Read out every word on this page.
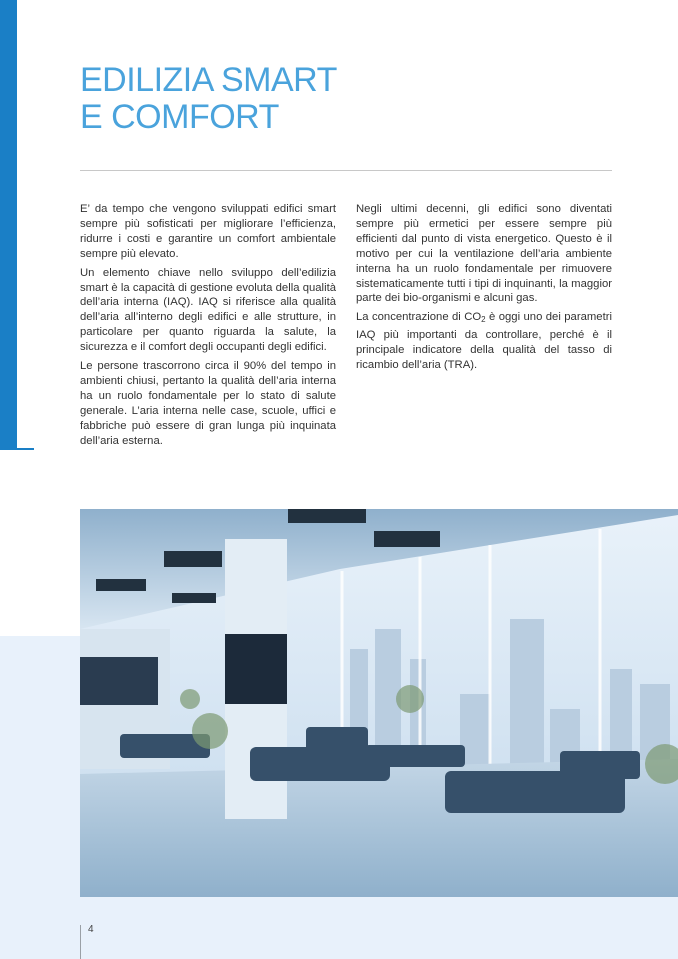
EDILIZIA SMART
E COMFORT

E’ da tempo che vengono sviluppati edifici smart sempre più sofisticati per migliorare l’efficienza, ridurre i costi e garantire un comfort ambientale sempre più elevato.

Un elemento chiave nello sviluppo dell’edilizia smart è la capacità di gestione evoluta della qualità dell’aria interna (IAQ). IAQ si riferisce alla qualità dell’aria all’interno degli edifici e alle strutture, in particolare per quanto riguarda la salute, la sicurezza e il comfort degli occupanti degli edifici.

Le persone trascorrono circa il 90% del tempo in ambienti chiusi, pertanto la qualità dell’aria interna ha un ruolo fondamentale per lo stato di salute generale. L’aria interna nelle case, scuole, uffici e fabbriche può essere di gran lunga più inquinata dell’aria esterna.

Negli ultimi decenni, gli edifici sono diventati sempre più ermetici per essere sempre più efficienti dal punto di vista energetico. Questo è il motivo per cui la ventilazione dell’aria ambiente interna ha un ruolo fondamentale per rimuovere sistematicamente tutti i tipi di inquinanti, la maggior parte dei bio-organismi e alcuni gas.

La concentrazione di $CO_2$ è oggi uno dei parametri IAQ più importanti da controllare, perché è il principale indicatore della qualità del tasso di ricambio dell’aria (TRA).

4
